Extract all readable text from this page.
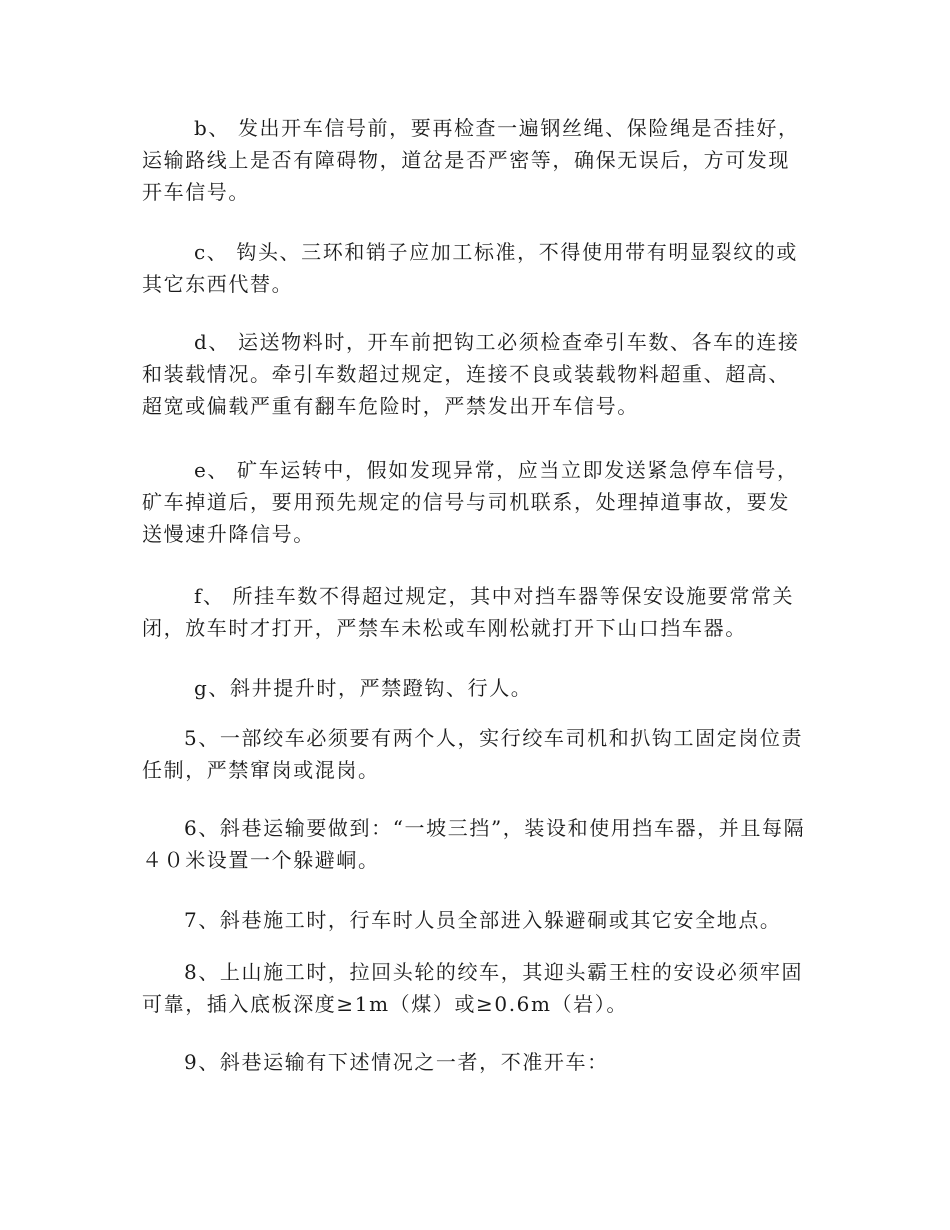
b、 发出开车信号前，要再检查一遍钢丝绳、保险绳是否挂好，运输路线上是否有障碍物，道岔是否严密等，确保无误后，方可发现开车信号。

c、 钩头、三环和销子应加工标准，不得使用带有明显裂纹的或其它东西代替。

d、 运送物料时，开车前把钩工必须检查牵引车数、各车的连接和装载情况。牵引车数超过规定，连接不良或装载物料超重、超高、超宽或偏载严重有翻车危险时，严禁发出开车信号。

e、 矿车运转中，假如发现异常，应当立即发送紧急停车信号，矿车掉道后，要用预先规定的信号与司机联系，处理掉道事故，要发送慢速升降信号。

f、 所挂车数不得超过规定，其中对挡车器等保安设施要常常关闭，放车时才打开，严禁车未松或车刚松就打开下山口挡车器。

g、斜井提升时，严禁蹬钩、行人。

5、一部绞车必须要有两个人，实行绞车司机和扒钩工固定岗位责任制，严禁窜岗或混岗。

6、斜巷运输要做到：“一坡三挡”，装设和使用挡车器，并且每隔４０米设置一个躲避峒。

7、斜巷施工时，行车时人员全部进入躲避硐或其它安全地点。

8、上山施工时，拉回头轮的绞车，其迎头霸王柱的安设必须牢固可靠，插入底板深度≥1m（煤）或≥0.6m（岩）。

9、斜巷运输有下述情况之一者，不准开车：
